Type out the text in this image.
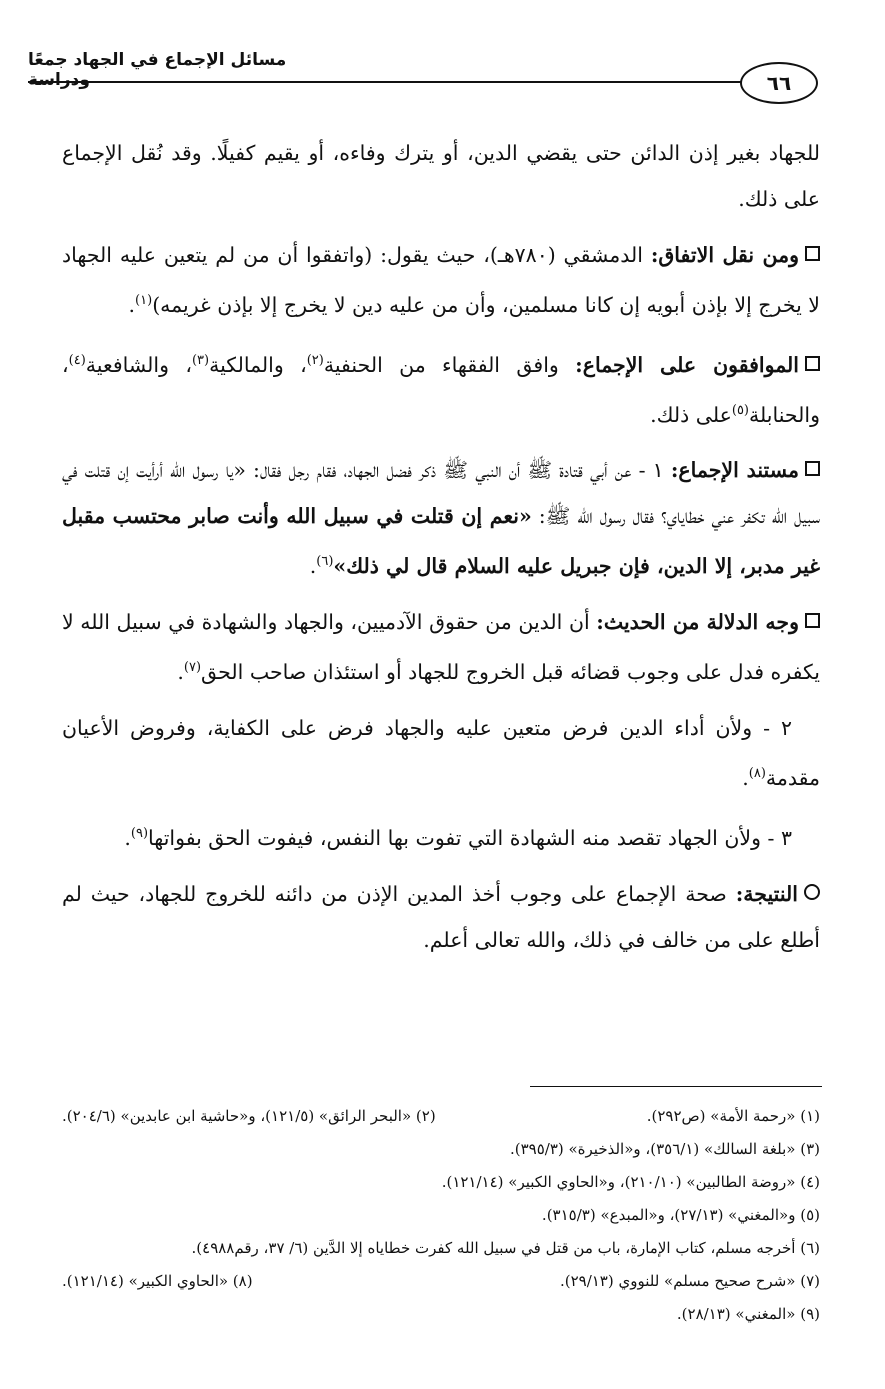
مسائل الإجماع في الجهاد جمعًا ودراسة	٦٦

للجهاد بغير إذن الدائن حتى يقضي الدين، أو يترك وفاءه، أو يقيم كفيلًا. وقد نُقل الإجماع على ذلك.

ومن نقل الاتفاق: الدمشقي (٧٨٠هـ)، حيث يقول: (واتفقوا أن من لم يتعين عليه الجهاد لا يخرج إلا بإذن أبويه إن كانا مسلمين، وأن من عليه دين لا يخرج إلا بإذن غريمه)$^{(١)}$.

الموافقون على الإجماع: وافق الفقهاء من الحنفية$^{(٢)}$، والمالكية$^{(٣)}$، والشافعية$^{(٤)}$، والحنابلة$^{(٥)}$على ذلك.

مستند الإجماع: ١ - عن أبي قتادة ﷺ أن النبي ﷺ ذكر فضل الجهاد، فقام رجل فقال: «يا رسول الله أرأيت إن قتلت في سبيل الله تكفر عني خطاياي؟ فقال رسول الله ﷺ: «نعم إن قتلت في سبيل الله وأنت صابر محتسب مقبل غير مدبر، إلا الدين، فإن جبريل عليه السلام قال لي ذلك»$^{(٦)}$.

وجه الدلالة من الحديث: أن الدين من حقوق الآدميين، والجهاد والشهادة في سبيل الله لا يكفره فدل على وجوب قضائه قبل الخروج للجهاد أو استئذان صاحب الحق$^{(٧)}$.

٢ - ولأن أداء الدين فرض متعين عليه والجهاد فرض على الكفاية، وفروض الأعيان مقدمة$^{(٨)}$.

٣ - ولأن الجهاد تقصد منه الشهادة التي تفوت بها النفس، فيفوت الحق بفواتها$^{(٩)}$.

النتيجة: صحة الإجماع على وجوب أخذ المدين الإذن من دائنه للخروج للجهاد، حيث لم أطلع على من خالف في ذلك، والله تعالى أعلم.

(١) «رحمة الأمة» (ص٢٩٢).
(٢) «البحر الرائق» (١٢١/٥)، و«حاشية ابن عابدين» (٢٠٤/٦).
(٣) «بلغة السالك» (٣٥٦/١)، و«الذخيرة» (٣٩٥/٣).
(٤) «روضة الطالبين» (٢١٠/١٠)، و«الحاوي الكبير» (١٢١/١٤).
(٥) و«المغني» (٢٧/١٣)، و«المبدع» (٣١٥/٣).
(٦) أخرجه مسلم، كتاب الإمارة، باب من قتل في سبيل الله كفرت خطاياه إلا الدَّين (٦/ ٣٧، رقم٤٩٨٨).
(٧) «شرح صحيح مسلم» للنووي (٢٩/١٣).
(٨) «الحاوي الكبير» (١٢١/١٤).
(٩) «المغني» (٢٨/١٣).
